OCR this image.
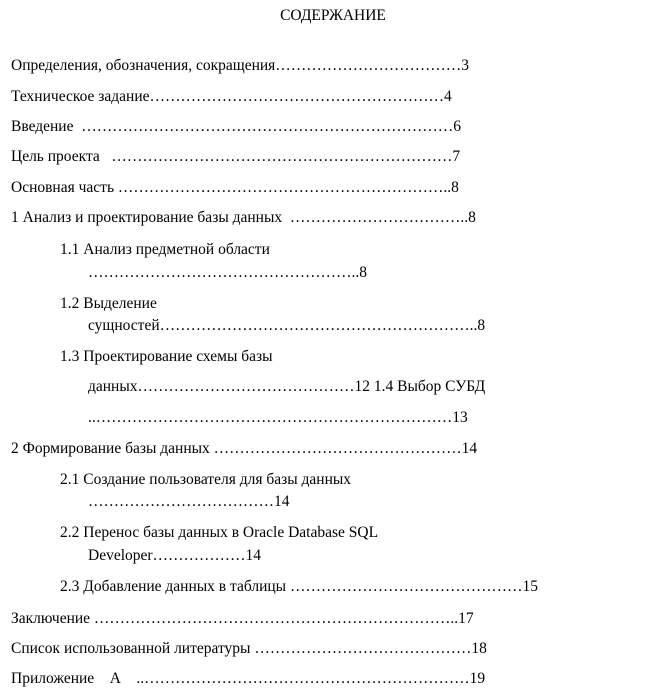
СОДЕРЖАНИЕ
Определения, обозначения, сокращения………………………………3
Техническое задание…………………………………………………4
Введение  ………………………………………………………………6
Цель проекта   …………………………………………………………7
Основная часть ………………………………………………………..8
1 Анализ и проектирование базы данных  ……………………………..8
1.1 Анализ предметной области
……………………………………………..8
1.2 Выделение
сущностей……………………………………………………..8
1.3 Проектирование схемы базы
данных……………………………………12 1.4 Выбор СУБД
..……………………………………………………………13
2 Формирование базы данных …………………………………………14
2.1 Создание пользователя для базы данных
………………………………14
2.2 Перенос базы данных в Oracle Database SQL
Developer………………14
2.3 Добавление данных в таблицы ………………………………………15
Заключение ……………………………………………………………..17
Список использованной литературы ……………………………………18
Приложение    А    ..………………………………………………………19
